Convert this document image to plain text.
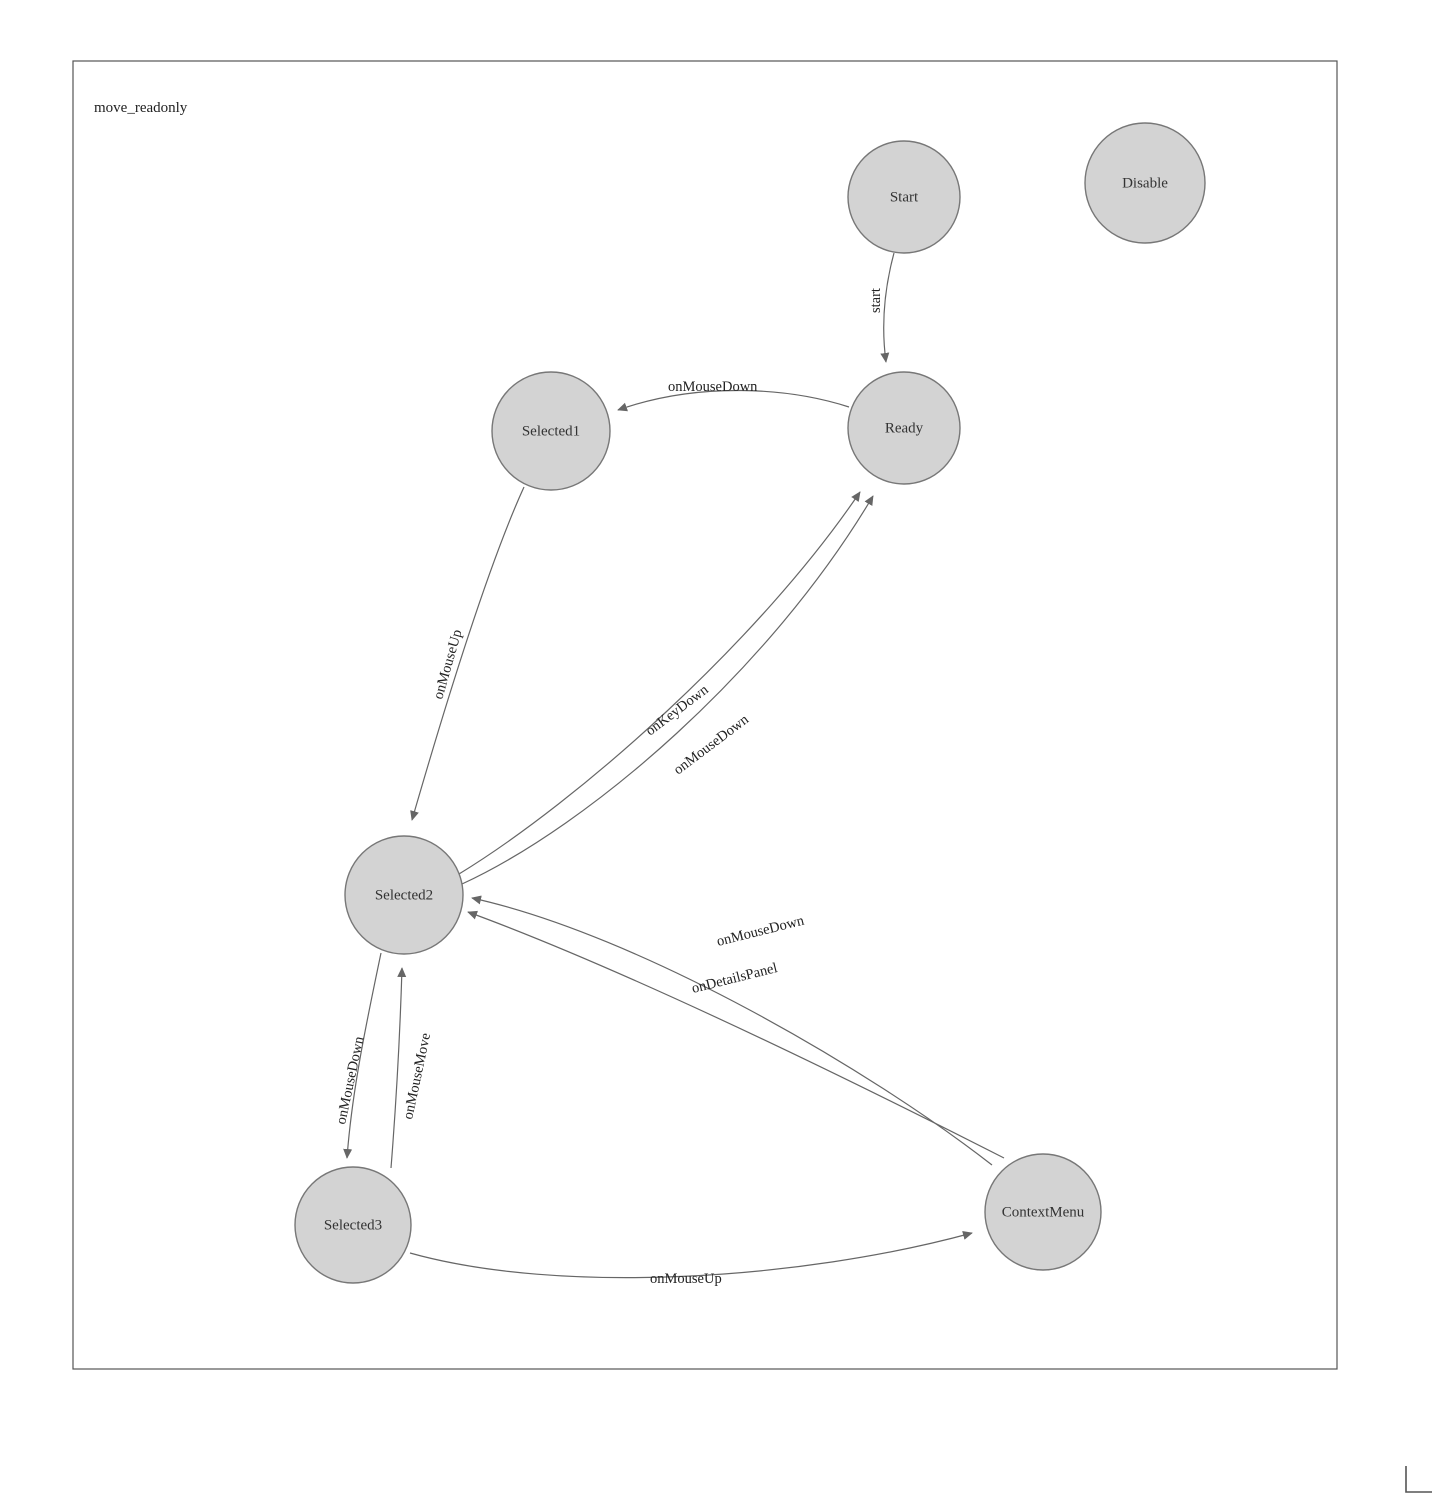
move_readonly
start
onMouseDown
onMouseUp
onKeyDown
onMouseDown
onMouseDown onMouseMove
onMouseDown
onDetailsPanel
onMouseUp
Start
Disable
Ready
Selected1
Selected2
Selected3
ContextMenu
